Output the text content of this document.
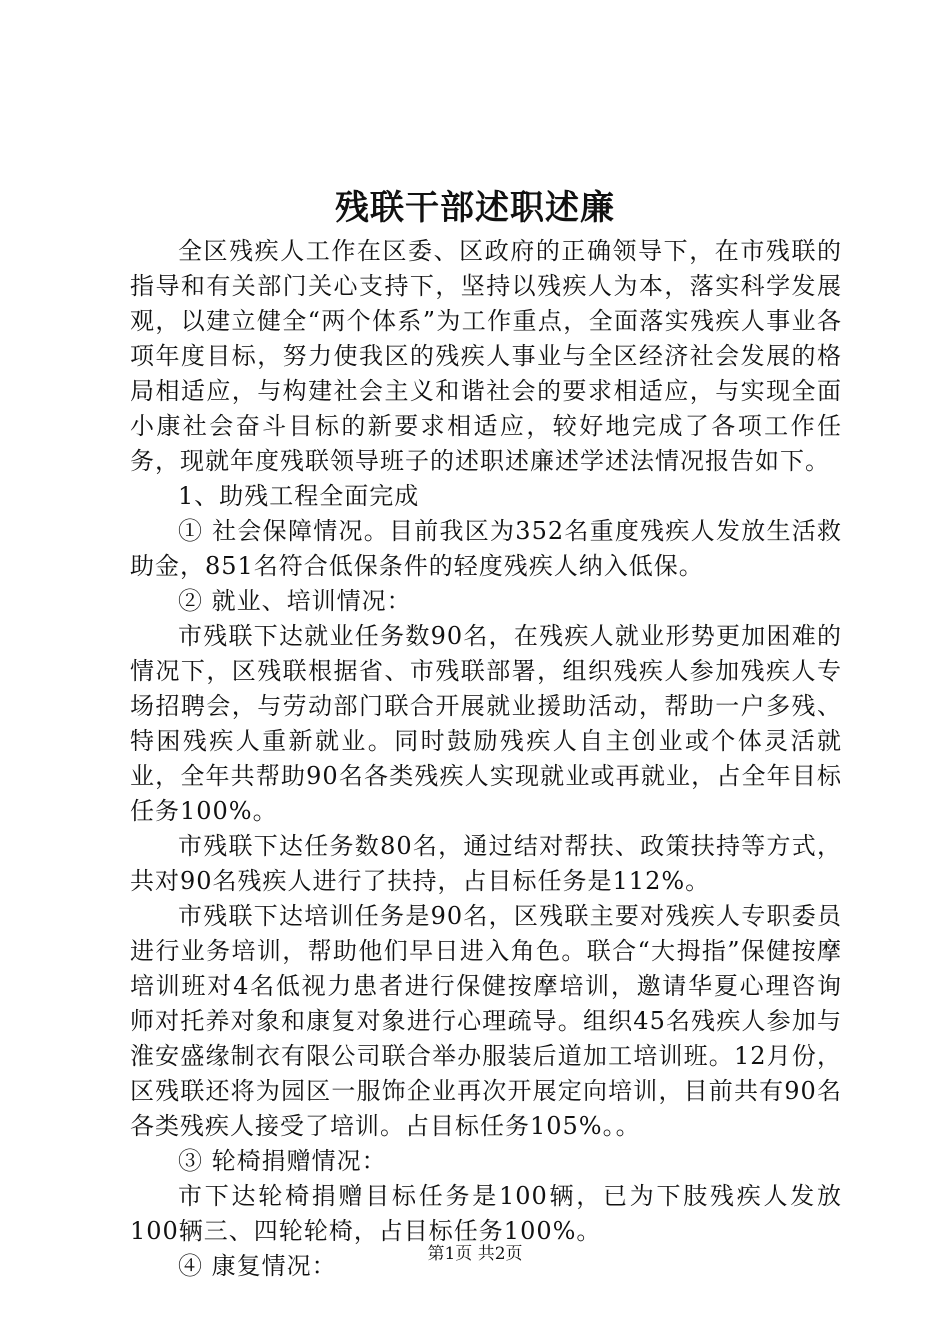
残联干部述职述廉

全区残疾人工作在区委、区政府的正确领导下，在市残联的指导和有关部门关心支持下，坚持以残疾人为本，落实科学发展观，以建立健全“两个体系”为工作重点，全面落实残疾人事业各项年度目标，努力使我区的残疾人事业与全区经济社会发展的格局相适应，与构建社会主义和谐社会的要求相适应，与实现全面小康社会奋斗目标的新要求相适应，较好地完成了各项工作任务，现就年度残联领导班子的述职述廉述学述法情况报告如下。

1、助残工程全面完成

① 社会保障情况。目前我区为352名重度残疾人发放生活救助金，851名符合低保条件的轻度残疾人纳入低保。

② 就业、培训情况：

市残联下达就业任务数90名，在残疾人就业形势更加困难的情况下，区残联根据省、市残联部署，组织残疾人参加残疾人专场招聘会，与劳动部门联合开展就业援助活动，帮助一户多残、特困残疾人重新就业。同时鼓励残疾人自主创业或个体灵活就业，全年共帮助90名各类残疾人实现就业或再就业，占全年目标任务100%。

市残联下达任务数80名，通过结对帮扶、政策扶持等方式，共对90名残疾人进行了扶持，占目标任务是112%。

市残联下达培训任务是90名，区残联主要对残疾人专职委员进行业务培训，帮助他们早日进入角色。联合“大拇指”保健按摩培训班对4名低视力患者进行保健按摩培训，邀请华夏心理咨询师对托养对象和康复对象进行心理疏导。组织45名残疾人参加与淮安盛缘制衣有限公司联合举办服装后道加工培训班。12月份，区残联还将为园区一服饰企业再次开展定向培训，目前共有90名各类残疾人接受了培训。占目标任务105%。。

③ 轮椅捐赠情况：

市下达轮椅捐赠目标任务是100辆，已为下肢残疾人发放100辆三、四轮轮椅，占目标任务100%。

④ 康复情况：	第1页 共2页
